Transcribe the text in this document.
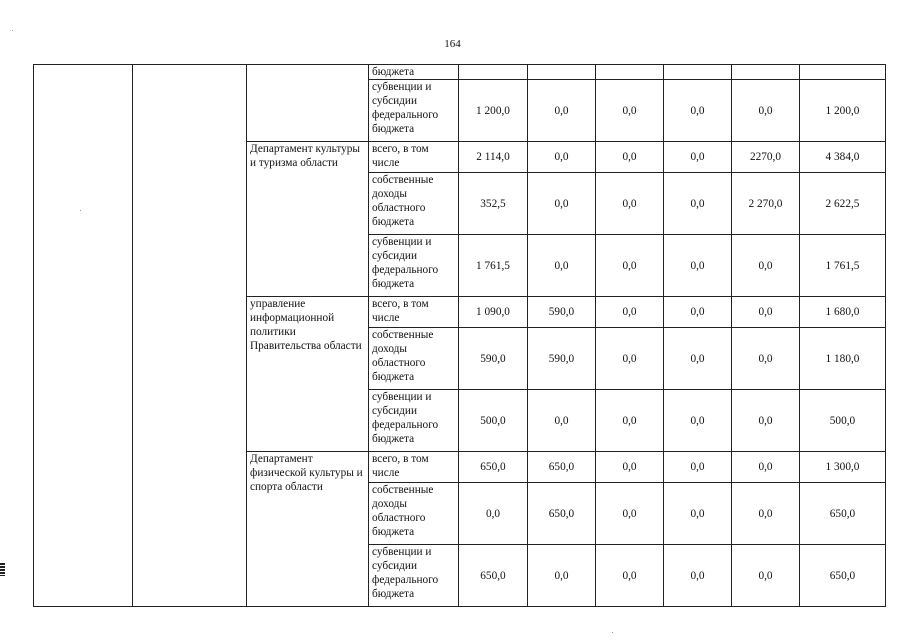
164
			бюджета						
			субвенции и субсидии федерального бюджета	1 200,0	0,0	0,0	0,0	0,0	1 200,0
		Департамент культуры и туризма области	всего, в том числе	2 114,0	0,0	0,0	0,0	2270,0	4 384,0
			собственные доходы областного бюджета	352,5	0,0	0,0	0,0	2 270,0	2 622,5
			субвенции и субсидии федерального бюджета	1 761,5	0,0	0,0	0,0	0,0	1 761,5
		управление информационной политики Правительства области	всего, в том числе	1 090,0	590,0	0,0	0,0	0,0	1 680,0
			собственные доходы областного бюджета	590,0	590,0	0,0	0,0	0,0	1 180,0
			субвенции и субсидии федерального бюджета	500,0	0,0	0,0	0,0	0,0	500,0
		Департамент физической культуры и спорта области	всего, в том числе	650,0	650,0	0,0	0,0	0,0	1 300,0
			собственные доходы областного бюджета	0,0	650,0	0,0	0,0	0,0	650,0
			субвенции и субсидии федерального бюджета	650,0	0,0	0,0	0,0	0,0	650,0
